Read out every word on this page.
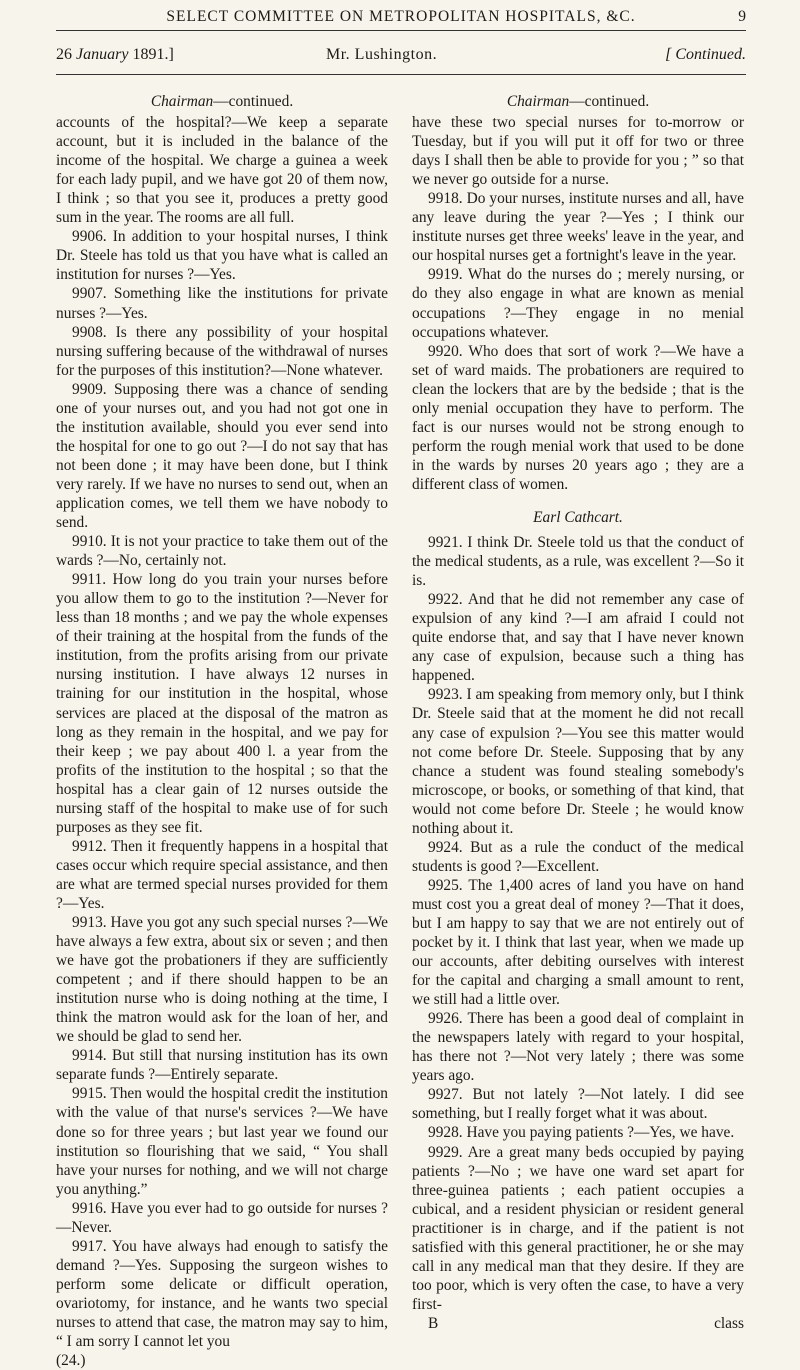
SELECT COMMITTEE ON METROPOLITAN HOSPITALS, &C.	9
26 January 1891.]	Mr. Lushington.	[ Continued.
Chairman—continued.

accounts of the hospital?—We keep a separate account, but it is included in the balance of the income of the hospital. We charge a guinea a week for each lady pupil, and we have got 20 of them now, I think ; so that you see it, produces a pretty good sum in the year. The rooms are all full.

9906. In addition to your hospital nurses, I think Dr. Steele has told us that you have what is called an institution for nurses ?—Yes.

9907. Something like the institutions for private nurses ?—Yes.

9908. Is there any possibility of your hospital nursing suffering because of the withdrawal of nurses for the purposes of this institution?—None whatever.

9909. Supposing there was a chance of sending one of your nurses out, and you had not got one in the institution available, should you ever send into the hospital for one to go out ?—I do not say that has not been done ; it may have been done, but I think very rarely. If we have no nurses to send out, when an application comes, we tell them we have nobody to send.

9910. It is not your practice to take them out of the wards ?—No, certainly not.

9911. How long do you train your nurses before you allow them to go to the institution ?—Never for less than 18 months ; and we pay the whole expenses of their training at the hospital from the funds of the institution, from the profits arising from our private nursing institution. I have always 12 nurses in training for our institution in the hospital, whose services are placed at the disposal of the matron as long as they remain in the hospital, and we pay for their keep ; we pay about 400 l. a year from the profits of the institution to the hospital ; so that the hospital has a clear gain of 12 nurses outside the nursing staff of the hospital to make use of for such purposes as they see fit.

9912. Then it frequently happens in a hospital that cases occur which require special assistance, and then are what are termed special nurses provided for them ?—Yes.

9913. Have you got any such special nurses ?—We have always a few extra, about six or seven ; and then we have got the probationers if they are sufficiently competent ; and if there should happen to be an institution nurse who is doing nothing at the time, I think the matron would ask for the loan of her, and we should be glad to send her.

9914. But still that nursing institution has its own separate funds ?—Entirely separate.

9915. Then would the hospital credit the institution with the value of that nurse's services ?—We have done so for three years ; but last year we found our institution so flourishing that we said, “ You shall have your nurses for nothing, and we will not charge you anything.”

9916. Have you ever had to go outside for nurses ?—Never.

9917. You have always had enough to satisfy the demand ?—Yes. Supposing the surgeon wishes to perform some delicate or difficult operation, ovariotomy, for instance, and he wants two special nurses to attend that case, the matron may say to him, “ I am sorry I cannot let you

(24.)
Chairman—continued.

have these two special nurses for to-morrow or Tuesday, but if you will put it off for two or three days I shall then be able to provide for you ; ” so that we never go outside for a nurse.

9918. Do your nurses, institute nurses and all, have any leave during the year ?—Yes ; I think our institute nurses get three weeks' leave in the year, and our hospital nurses get a fortnight's leave in the year.

9919. What do the nurses do ; merely nursing, or do they also engage in what are known as menial occupations ?—They engage in no menial occupations whatever.

9920. Who does that sort of work ?—We have a set of ward maids. The probationers are required to clean the lockers that are by the bedside ; that is the only menial occupation they have to perform. The fact is our nurses would not be strong enough to perform the rough menial work that used to be done in the wards by nurses 20 years ago ; they are a different class of women.

Earl Cathcart.

9921. I think Dr. Steele told us that the conduct of the medical students, as a rule, was excellent ?—So it is.

9922. And that he did not remember any case of expulsion of any kind ?—I am afraid I could not quite endorse that, and say that I have never known any case of expulsion, because such a thing has happened.

9923. I am speaking from memory only, but I think Dr. Steele said that at the moment he did not recall any case of expulsion ?—You see this matter would not come before Dr. Steele. Supposing that by any chance a student was found stealing somebody's microscope, or books, or something of that kind, that would not come before Dr. Steele ; he would know nothing about it.

9924. But as a rule the conduct of the medical students is good ?—Excellent.

9925. The 1,400 acres of land you have on hand must cost you a great deal of money ?—That it does, but I am happy to say that we are not entirely out of pocket by it. I think that last year, when we made up our accounts, after debiting ourselves with interest for the capital and charging a small amount to rent, we still had a little over.

9926. There has been a good deal of complaint in the newspapers lately with regard to your hospital, has there not ?—Not very lately ; there was some years ago.

9927. But not lately ?—Not lately. I did see something, but I really forget what it was about.

9928. Have you paying patients ?—Yes, we have.

9929. Are a great many beds occupied by paying patients ?—No ; we have one ward set apart for three-guinea patients ; each patient occupies a cubical, and a resident physician or resident general practitioner is in charge, and if the patient is not satisfied with this general practitioner, he or she may call in any medical man that they desire. If they are too poor, which is very often the case, to have a very first-

B	class
